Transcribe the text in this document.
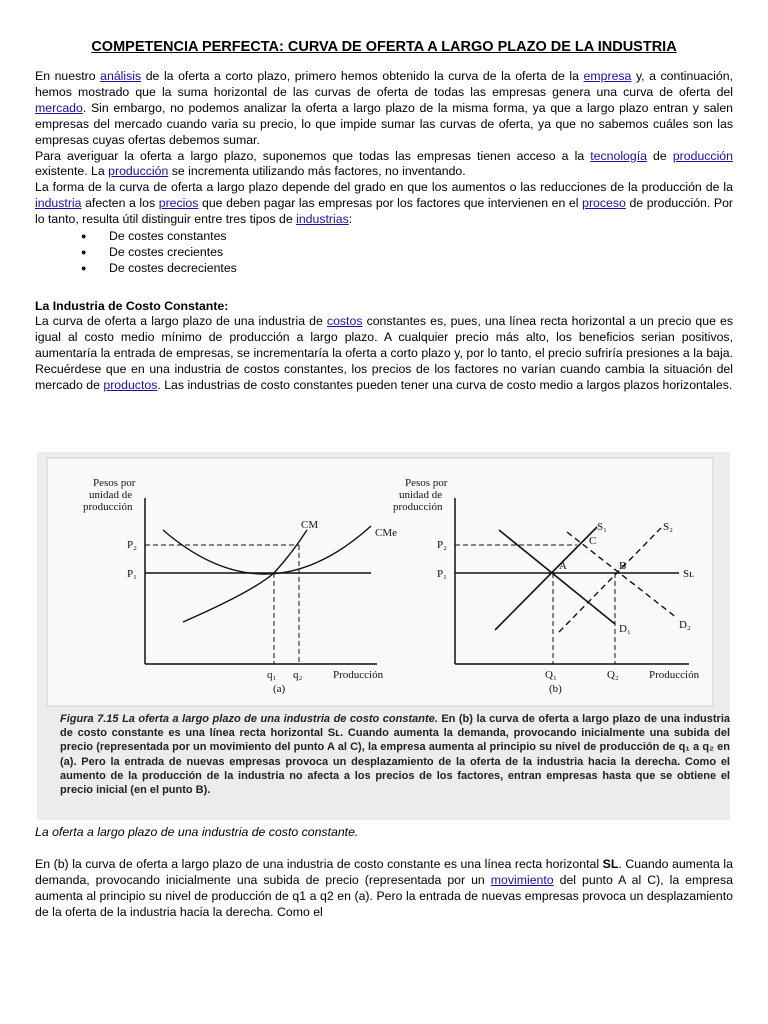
COMPETENCIA PERFECTA: CURVA DE OFERTA A LARGO PLAZO DE LA INDUSTRIA

En nuestro análisis de la oferta a corto plazo, primero hemos obtenido la curva de la oferta de la empresa y, a continuación, hemos mostrado que la suma horizontal de las curvas de oferta de todas las empresas genera una curva de oferta del mercado. Sin embargo, no podemos analizar la oferta a largo plazo de la misma forma, ya que a largo plazo entran y salen empresas del mercado cuando varia su precio, lo que impide sumar las curvas de oferta, ya que no sabemos cuáles son las empresas cuyas ofertas debemos sumar.

Para averiguar la oferta a largo plazo, suponemos que todas las empresas tienen acceso a la tecnología de producción existente. La producción se incrementa utilizando más factores, no inventando.

La forma de la curva de oferta a largo plazo depende del grado en que los aumentos o las reducciones de la producción de la industria afecten a los precios que deben pagar las empresas por los factores que intervienen en el proceso de producción. Por lo tanto, resulta útil distinguir entre tres tipos de industrias:

● De costes constantes
● De costes crecientes
● De costes decrecientes

La Industria de Costo Constante:

La curva de oferta a largo plazo de una industria de costos constantes es, pues, una línea recta horizontal a un precio que es igual al costo medio mínimo de producción a largo plazo. A cualquier precio más alto, los beneficios serian positivos, aumentaría la entrada de empresas, se incrementaría la oferta a corto plazo y, por lo tanto, el precio sufriría presiones a la baja. Recuérdese que en una industria de costos constantes, los precios de los factores no varían cuando cambia la situación del mercado de productos. Las industrias de costo constantes pueden tener una curva de costo medio a largos plazos horizontales.

Pesos por
unidad de
producción
P₂
P₁
CM
CMe
q₁ q₂	Producción
(a)
Pesos por
unidad de
producción
P₂
P₁	Sʟ
S₁	S₂
D₁	D₂
A
C
B
Q₁	Q₂	Producción
(b)

Figura 7.15 La oferta a largo plazo de una industria de costo constante. En (b) la curva de oferta a largo plazo de una industria de costo constante es una línea recta horizontal Sʟ. Cuando aumenta la demanda, provocando inicialmente una subida del precio (representada por un movimiento del punto A al C), la empresa aumenta al principio su nivel de producción de q₁ a q₂ en (a). Pero la entrada de nuevas empresas provoca un desplazamiento de la oferta de la industria hacia la derecha. Como el aumento de la producción de la industria no afecta a los precios de los factores, entran empresas hasta que se obtiene el precio inicial (en el punto B).

La oferta a largo plazo de una industria de costo constante.

En (b) la curva de oferta a largo plazo de una industria de costo constante es una línea recta horizontal SL. Cuando aumenta la demanda, provocando inicialmente una subida de precio (representada por un movimiento del punto A al C), la empresa aumenta al principio su nivel de producción de q1 a q2 en (a). Pero la entrada de nuevas empresas provoca un desplazamiento de la oferta de la industria hacia la derecha. Como el
